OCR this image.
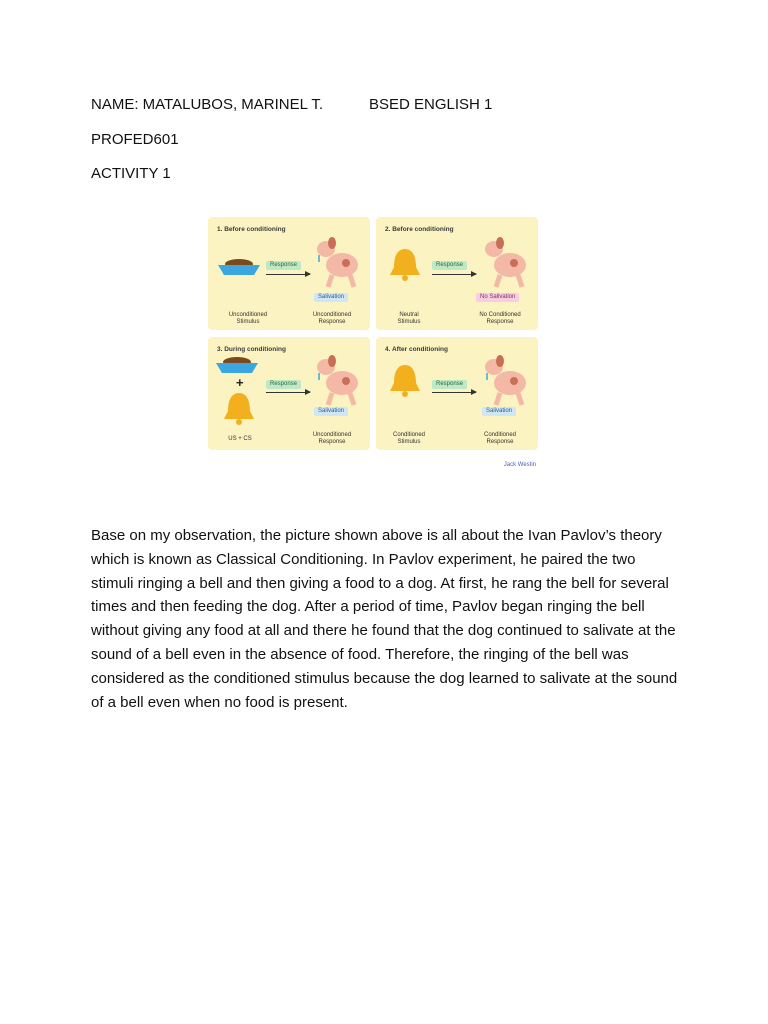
NAME: MATALUBOS, MARINEL T.	BSED ENGLISH 1
PROFED601
ACTIVITY 1
1. Before conditioning
Response
Salivation
Unconditioned
Stimulus
Unconditioned
Response
2. Before conditioning
Response
No Salivation
Neutral
Stimulus
No Conditioned
Response
3. During conditioning
+	Response
Salivation
US + CS
Unconditioned
Response
4. After conditioning
Response
Salivation
Conditioned
Stimulus
Conditioned
Response
Jack Westin

Base on my observation, the picture shown above is all about the Ivan Pavlov’s theory which is known as Classical Conditioning. In Pavlov experiment, he paired the two stimuli ringing a bell and then giving a food to a dog. At first, he rang the bell for several times and then feeding the dog. After a period of time, Pavlov began ringing the bell without giving any food at all and there he found that the dog continued to salivate at the sound of a bell even in the absence of food. Therefore, the ringing of the bell was considered as the conditioned stimulus because the dog learned to salivate at the sound of a bell even when no food is present.
